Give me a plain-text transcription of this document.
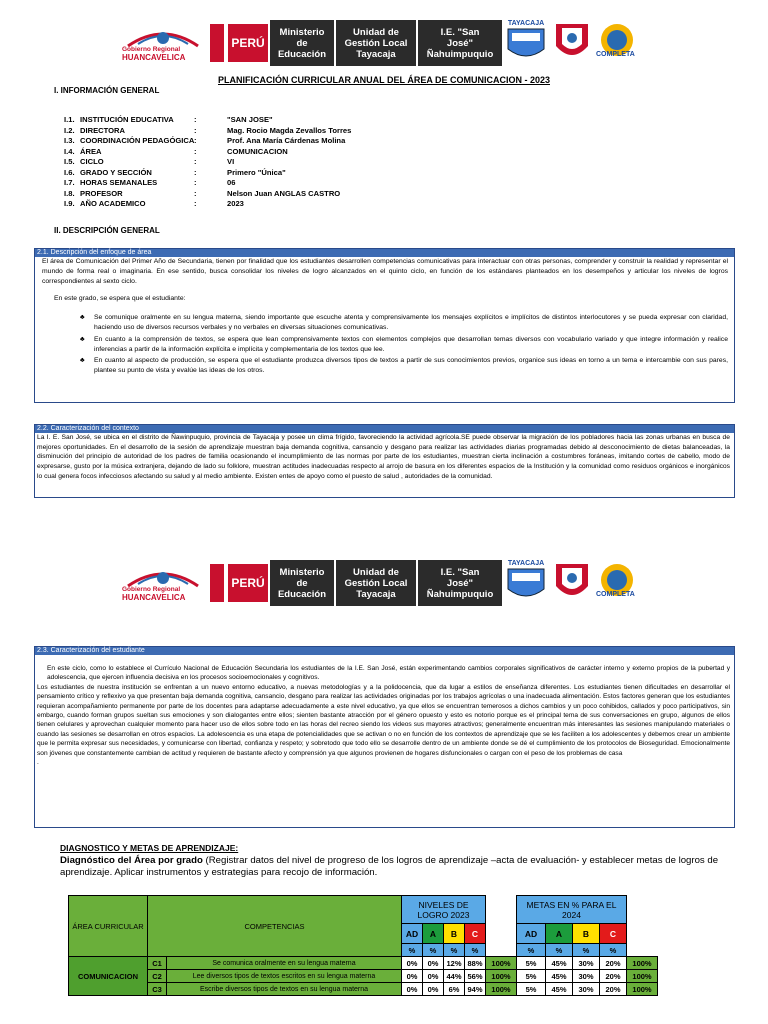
Gobierno Regional
HUANCAVELICA
PERÚ
Ministerio
de
Educación
Unidad de
Gestión Local
Tayacaja
I.E. "San
José"
Ñahuimpuquio
TAYACAJA
COMPLETA
PLANIFICACIÓN CURRICULAR ANUAL DEL ÁREA DE COMUNICACION - 2023
I. INFORMACIÓN GENERAL
I.1. INSTITUCIÓN EDUCATIVA	:	"SAN JOSE"
I.2. DIRECTORA	:	Mag. Rocio Magda Zevallos Torres
I.3. COORDINACIÓN PEDAGÓGICA :	Prof. Ana María Cárdenas Molina
I.4. ÁREA	:	COMUNICACION
I.5. CICLO	:	VI
I.6. GRADO Y SECCIÓN	:	Primero "Única"
I.7. HORAS SEMANALES	:	06
I.8. PROFESOR	:	Nelson Juan ANGLAS CASTRO
I.9. AÑO ACADEMICO	:	2023
II. DESCRIPCIÓN GENERAL
2.1. Descripción del enfoque de área

El área de Comunicación del Primer Año de Secundaria, tienen por finalidad que los estudiantes desarrollen competencias comunicativas para interactuar con otras personas, comprender y construir la realidad y representar el mundo de forma real o imaginaria. En ese sentido, busca consolidar los niveles de logro alcanzados en el quinto ciclo, en función de los estándares planteados en los desempeños y articular los niveles de logros correspondientes al sexto ciclo.

En este grado, se espera que el estudiante:

♣ Se comunique oralmente en su lengua materna, siendo importante que escuche atenta y comprensivamente los mensajes explícitos e implícitos de distintos interlocutores y se pueda expresar con claridad, haciendo uso de diversos recursos verbales y no verbales en diversas situaciones comunicativas.
♣ En cuanto a la comprensión de textos, se espera que lean comprensivamente textos con elementos complejos que desarrollan temas diversos con vocabulario variado y que integre información y realice inferencias a partir de la información explícita e implícita y complementaria de los textos que lee.
♣ En cuanto al aspecto de producción, se espera que el estudiante produzca diversos tipos de textos a partir de sus conocimientos previos, organice sus ideas en torno a un tema e intercambie con sus pares, plantee su punto de vista y evalúe las ideas de los otros.
2.2. Caracterización del contexto

La I. E. San José, se ubica en el distrito de Ñawinpuquio, provincia de Tayacaja y posee un clima frígido, favoreciendo la actividad agrícola.SE puede observar la migración de los pobladores hacia las zonas urbanas en busca de mejores oportunidades. En el desarrollo de la sesión de aprendizaje muestran baja demanda cognitiva, cansancio y desgano para realizar las actividades diarias programadas debido al desconocimiento de dietas balanceadas, la disminución del principio de autoridad de los padres de familia ocasionando el incumplimiento de las normas por parte de los estudiantes, muestran cierta inclinación a costumbres foráneas, imitando cortes de cabello, modo de expresarse, gusto por la música extranjera, dejando de lado su folklore, muestran actitudes inadecuadas respecto al arrojo de basura en los diferentes espacios de la Institución y la comunidad como residuos orgánicos e inorgánicos lo cual genera focos infecciosos afectando su salud y al medio ambiente. Existen entes de apoyo como el puesto de salud , autoridades de la comunidad.

Gobierno Regional
HUANCAVELICA
PERÚ
Ministerio
de
Educación
Unidad de
Gestión Local
Tayacaja
I.E. "San
José"
Ñahuimpuquio
TAYACAJA
COMPLETA
2.3. Caracterización del estudiante

En este ciclo, como lo establece el Currículo Nacional de Educación Secundaria los estudiantes de la I.E. San José, están experimentando cambios corporales significativos de carácter interno y externo propios de la pubertad y adolescencia, que ejercen influencia decisiva en los procesos socioemocionales y cognitivos.

Los estudiantes de nuestra institución se enfrentan a un nuevo entorno educativo, a nuevas metodologías y a la polidocencia, que da lugar a estilos de enseñanza diferentes. Los estudiantes tienen dificultades en desarrollar el pensamiento crítico y reflexivo ya que presentan baja demanda cognitiva, cansancio, desgano para realizar las actividades originadas por los trabajos agrícolas o una inadecuada alimentación. Estos factores generan que los estudiantes requieran acompañamiento permanente por parte de los docentes para adaptarse adecuadamente a este nivel educativo, ya que ellos se encuentran temerosos a dichos cambios y un poco cohibidos, callados y poco participativos, sin embargo, cuando forman grupos sueltan sus emociones y son dialogantes entre ellos; sienten bastante atracción por el género opuesto y esto es notorio porque es el principal tema de sus conversaciones en grupo, algunos de ellos tienen celulares y aprovechan cualquier momento para hacer uso de ellos sobre todo en las horas del recreo siendo los videos sus mayores atractivos; generalmente encuentran más interesantes las sesiones manipulando materiales o cuando las sesiones se desarrollan en otros espacios. La adolescencia es una etapa de potencialidades que se activan o no en función de los contextos de aprendizaje que se les faciliten a los adolescentes y debemos crear un ambiente que le permita expresar sus necesidades, y comunicarse con libertad, confianza y respeto; y sobretodo que todo ello se desarrolle dentro de un ambiente donde se dé el cumplimiento de los protocolos de Bioseguridad. Emocionalmente son jóvenes que constantemente cambian de actitud y requieren de bastante afecto y comprensión ya que algunos provienen de hogares disfuncionales o cargan con el peso de los problemas de casa

.

DIAGNOSTICO Y METAS DE APRENDIZAJE:
Diagnóstico del Área por grado (Registrar datos del nivel de progreso de los logros de aprendizaje –acta de evaluación- y establecer metas de logros de aprendizaje. Aplicar instrumentos y estrategias para recojo de información.
ÁREA CURRICULAR	COMPETENCIAS		NIVELES DE LOGRO 2023					METAS EN % PARA EL 2024				
			AD	A	B	C		AD	A	B	C	
			%	%	%	%		%	%	%	%	
COMUNICACION	C1	Se comunica oralmente en su lengua materna	0%	0%	12%	88%	100%	5%	45%	30%	20%	100%
	C2	Lee diversos tipos de textos escritos en su lengua materna	0%	0%	44%	56%	100%	5%	45%	30%	20%	100%
	C3	Escribe diversos tipos de textos en su lengua materna	0%	0%	6%	94%	100%	5%	45%	30%	20%	100%
